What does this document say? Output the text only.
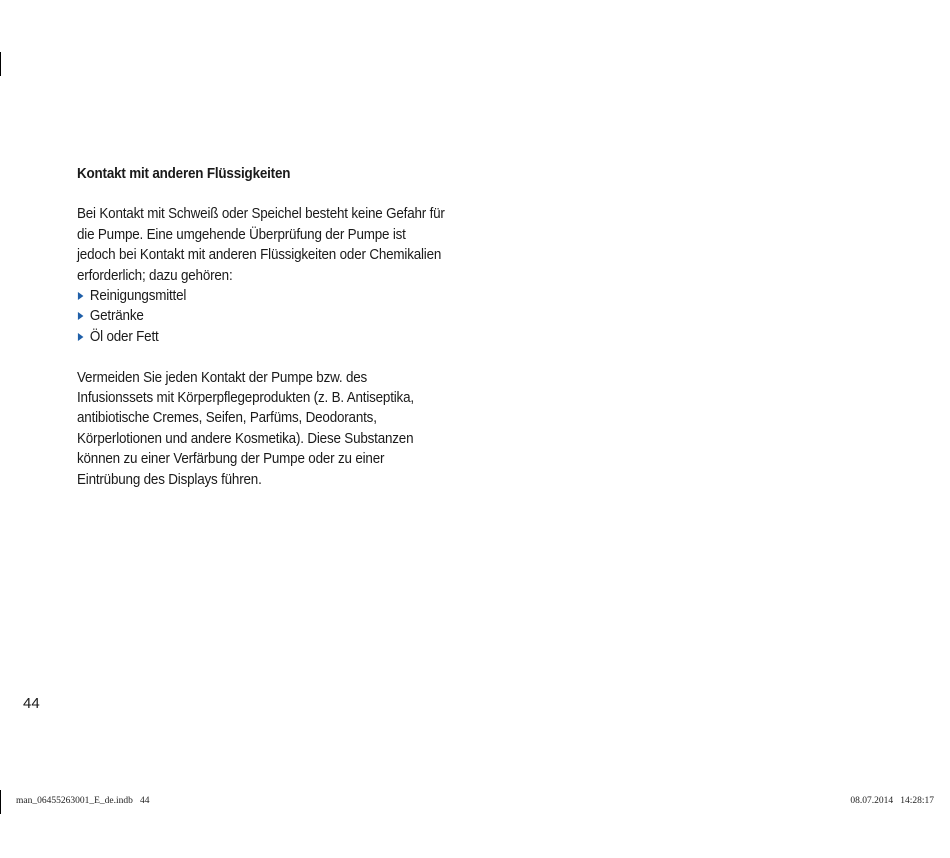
Kontakt mit anderen Flüssigkeiten

Bei Kontakt mit Schweiß oder Speichel besteht keine Gefahr für die Pumpe. Eine umgehende Überprüfung der Pumpe ist jedoch bei Kontakt mit anderen Flüssigkeiten oder Chemikalien erforderlich; dazu gehören:

Reinigungsmittel
Getränke
Öl oder Fett

Vermeiden Sie jeden Kontakt der Pumpe bzw. des Infusionssets mit Körperpflegeprodukten (z. B. Antiseptika, antibiotische Cremes, Seifen, Parfüms, Deodorants, Körperlotionen und andere Kosmetika). Diese Substanzen können zu einer Verfärbung der Pumpe oder zu einer Eintrübung des Displays führen.

44
man_06455263001_E_de.indb   44	08.07.2014   14:28:17
